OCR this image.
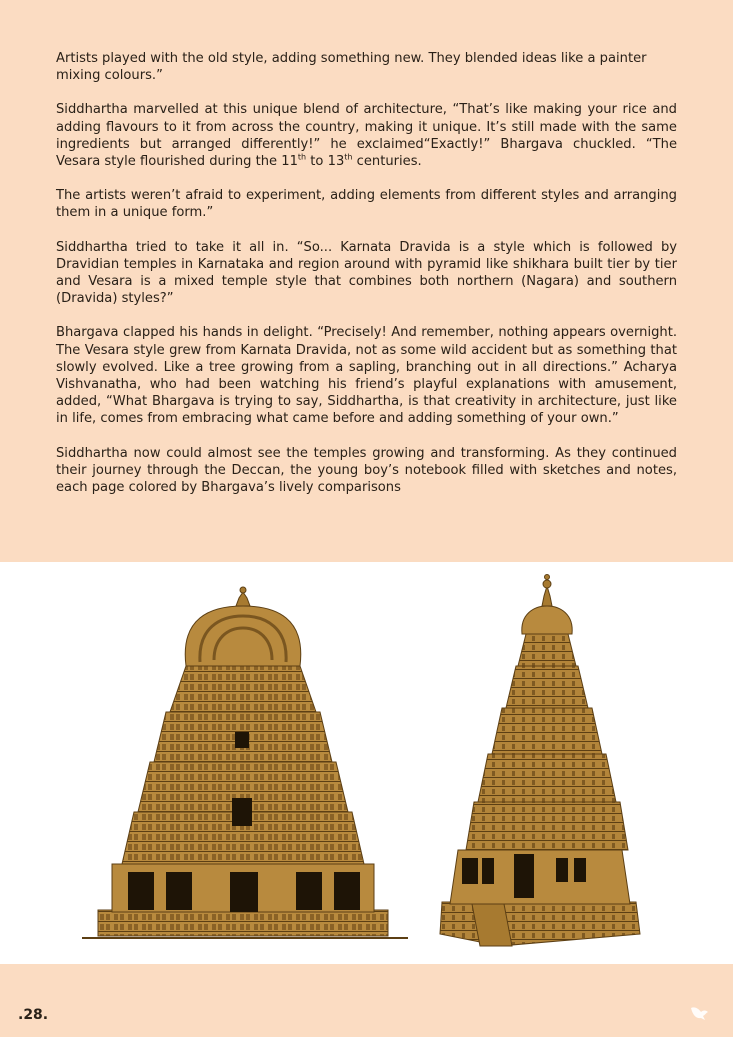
Artists played with the old style, adding something new. They blended ideas like a painter mixing colours.”

Siddhartha marvelled at this unique blend of architecture, “That’s like making your rice and adding flavours to it from across the country, making it unique. It’s still made with the same ingredients but arranged differently!” he exclaimed“Exactly!” Bhargava chuckled. “The Vesara style flourished during the 11th to 13th centuries.

The artists weren’t afraid to experiment, adding elements from different styles and arranging them in a unique form.”

Siddhartha tried to take it all in. “So... Karnata Dravida is a style which is followed by Dravidian temples in Karnataka and region around with pyramid like shikhara built tier by tier and Vesara is a mixed temple style that combines both northern (Nagara) and southern (Dravida) styles?”

Bhargava clapped his hands in delight. “Precisely! And remember, nothing appears overnight. The Vesara style grew from Karnata Dravida, not as some wild accident but as something that slowly evolved. Like a tree growing from a sapling, branching out in all directions.” Acharya Vishvanatha, who had been watching his friend’s playful explanations with amusement, added, “What Bhargava is trying to say, Siddhartha, is that creativity in architecture, just like in life, comes from embracing what came before and adding something of your own.”

Siddhartha now could almost see the temples growing and transforming. As they continued their journey through the Deccan, the young boy’s notebook filled with sketches and notes, each page colored by Bhargava’s lively comparisons

.28.
